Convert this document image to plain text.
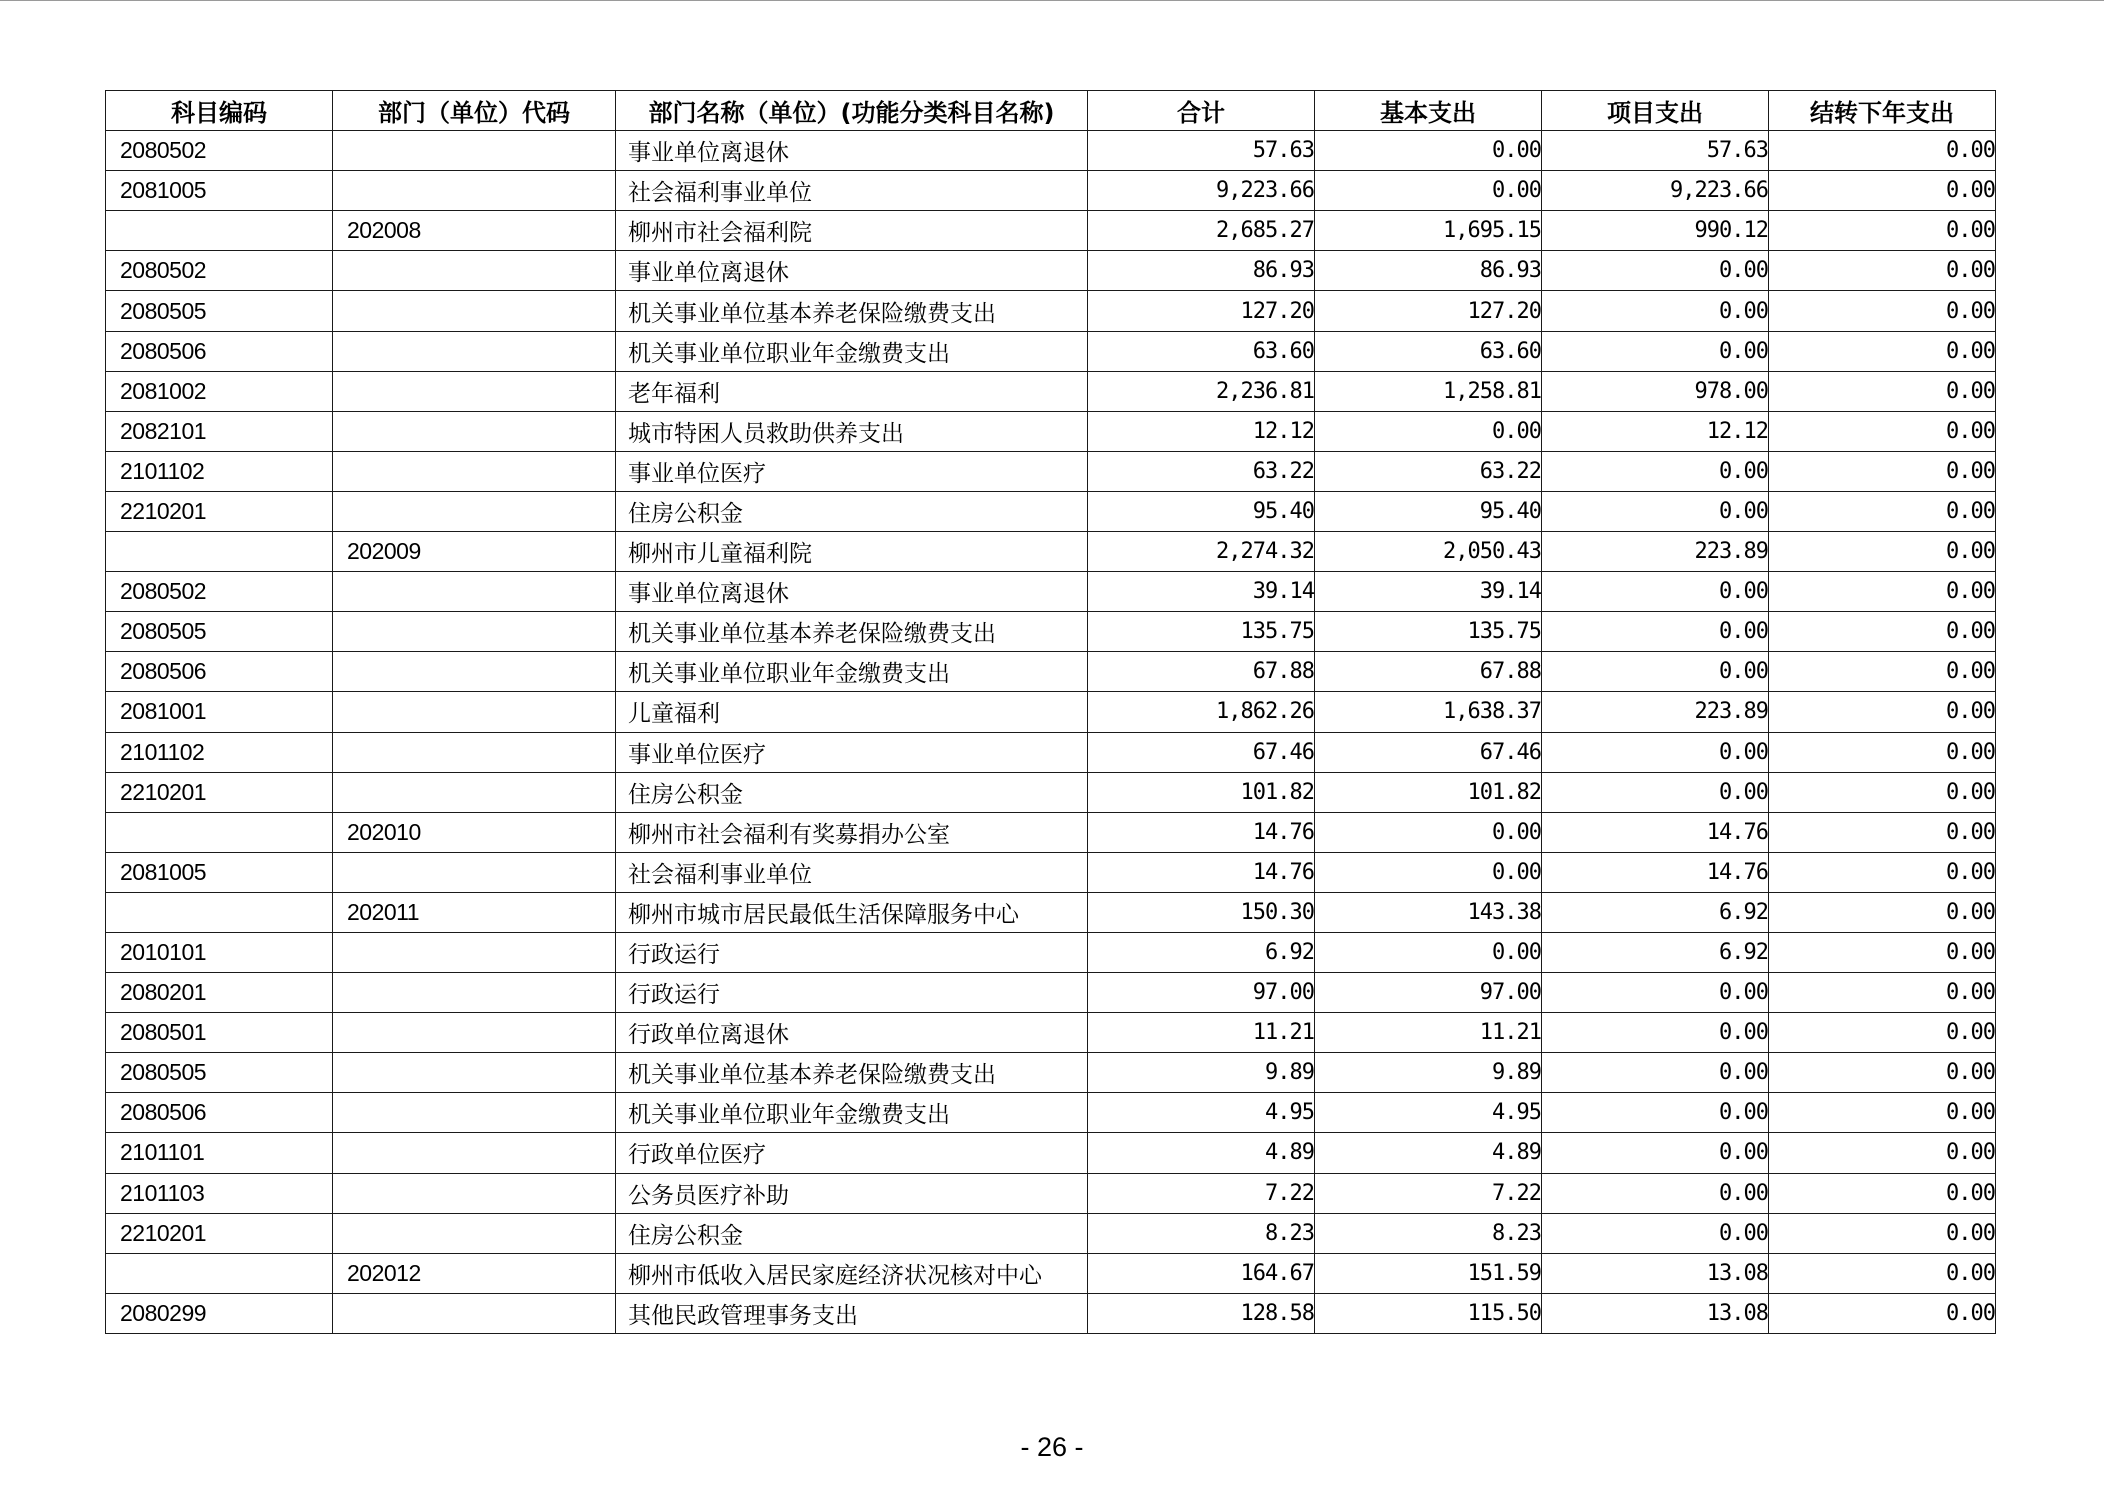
科目编码	部门（单位）代码	部门名称（单位）(功能分类科目名称)	合计	基本支出	项目支出	结转下年支出
2080502		事业单位离退休	57.63	0.00	57.63	0.00
2081005		社会福利事业单位	9,223.66	0.00	9,223.66	0.00
	202008	柳州市社会福利院	2,685.27	1,695.15	990.12	0.00
2080502		事业单位离退休	86.93	86.93	0.00	0.00
2080505		机关事业单位基本养老保险缴费支出	127.20	127.20	0.00	0.00
2080506		机关事业单位职业年金缴费支出	63.60	63.60	0.00	0.00
2081002		老年福利	2,236.81	1,258.81	978.00	0.00
2082101		城市特困人员救助供养支出	12.12	0.00	12.12	0.00
2101102		事业单位医疗	63.22	63.22	0.00	0.00
2210201		住房公积金	95.40	95.40	0.00	0.00
	202009	柳州市儿童福利院	2,274.32	2,050.43	223.89	0.00
2080502		事业单位离退休	39.14	39.14	0.00	0.00
2080505		机关事业单位基本养老保险缴费支出	135.75	135.75	0.00	0.00
2080506		机关事业单位职业年金缴费支出	67.88	67.88	0.00	0.00
2081001		儿童福利	1,862.26	1,638.37	223.89	0.00
2101102		事业单位医疗	67.46	67.46	0.00	0.00
2210201		住房公积金	101.82	101.82	0.00	0.00
	202010	柳州市社会福利有奖募捐办公室	14.76	0.00	14.76	0.00
2081005		社会福利事业单位	14.76	0.00	14.76	0.00
	202011	柳州市城市居民最低生活保障服务中心	150.30	143.38	6.92	0.00
2010101		行政运行	6.92	0.00	6.92	0.00
2080201		行政运行	97.00	97.00	0.00	0.00
2080501		行政单位离退休	11.21	11.21	0.00	0.00
2080505		机关事业单位基本养老保险缴费支出	9.89	9.89	0.00	0.00
2080506		机关事业单位职业年金缴费支出	4.95	4.95	0.00	0.00
2101101		行政单位医疗	4.89	4.89	0.00	0.00
2101103		公务员医疗补助	7.22	7.22	0.00	0.00
2210201		住房公积金	8.23	8.23	0.00	0.00
	202012	柳州市低收入居民家庭经济状况核对中心	164.67	151.59	13.08	0.00
2080299		其他民政管理事务支出	128.58	115.50	13.08	0.00
- 26 -
